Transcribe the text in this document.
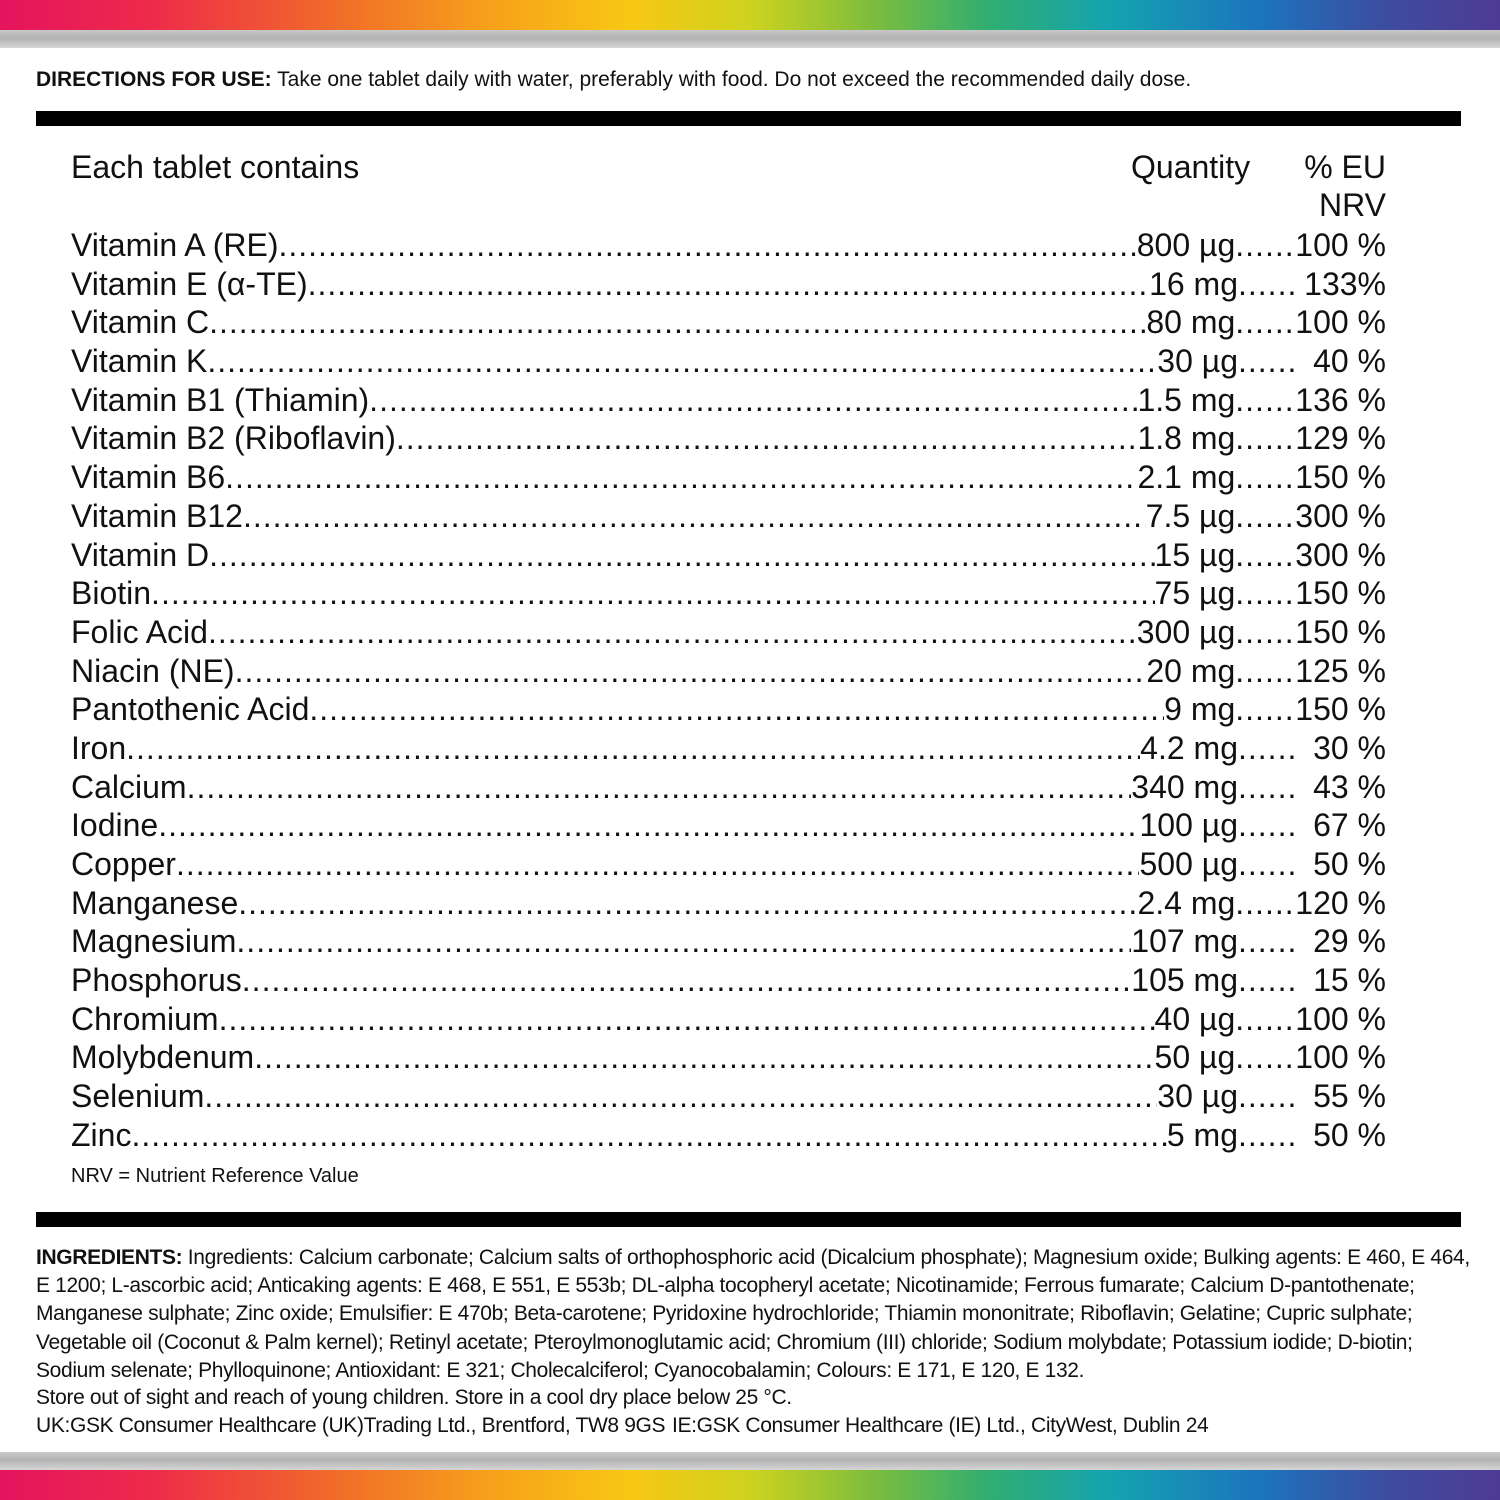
DIRECTIONS FOR USE: Take one tablet daily with water, preferably with food. Do not exceed the recommended daily dose.
Each tablet contains	Quantity % EU
NRV
Vitamin A (RE) .....	800 µg ..... 100 %
Vitamin E (α-TE) .....	16 mg ..... 133%
Vitamin C .....	80 mg ..... 100 %
Vitamin K .....	30 µg .....	40 %
Vitamin B1 (Thiamin) .....	1.5 mg ..... 136 %
Vitamin B2 (Riboflavin) .....	1.8 mg ..... 129 %
Vitamin B6 .....	2.1 mg ..... 150 %
Vitamin B12 .....	7.5 µg ..... 300 %
Vitamin D .....	15 µg ..... 300 %
Biotin .....	75 µg ..... 150 %
Folic Acid .....	300 µg ..... 150 %
Niacin (NE) .....	20 mg ..... 125 %
Pantothenic Acid .....	9 mg ..... 150 %
Iron .....	4.2 mg .....	30 %
Calcium .....	340 mg .....	43 %
Iodine .....	100 µg .....	67 %
Copper .....	500 µg .....	50 %
Manganese .....	2.4 mg ..... 120 %
Magnesium .....	107 mg .....	29 %
Phosphorus .....	105 mg .....	15 %
Chromium .....	40 µg ..... 100 %
Molybdenum .....	50 µg ..... 100 %
Selenium .....	30 µg .....	55 %
Zinc .....	5 mg .....	50 %
NRV = Nutrient Reference Value
INGREDIENTS: Ingredients: Calcium carbonate; Calcium salts of orthophosphoric acid (Dicalcium phosphate); Magnesium oxide; Bulking agents: E 460, E 464, E 1200; L-ascorbic acid; Anticaking agents: E 468, E 551, E 553b; DL-alpha tocopheryl acetate; Nicotinamide; Ferrous fumarate; Calcium D-pantothenate; Manganese sulphate; Zinc oxide; Emulsifier: E 470b; Beta-carotene; Pyridoxine hydrochloride; Thiamin mononitrate; Riboflavin; Gelatine; Cupric sulphate; Vegetable oil (Coconut & Palm kernel); Retinyl acetate; Pteroylmonoglutamic acid; Chromium (III) chloride; Sodium molybdate; Potassium iodide; D-biotin; Sodium selenate; Phylloquinone; Antioxidant: E 321; Cholecalciferol; Cyanocobalamin; Colours: E 171, E 120, E 132.
Store out of sight and reach of young children. Store in a cool dry place below 25 °C.
UK:GSK Consumer Healthcare (UK)Trading Ltd., Brentford, TW8 9GS IE:GSK Consumer Healthcare (IE) Ltd., CityWest, Dublin 24
